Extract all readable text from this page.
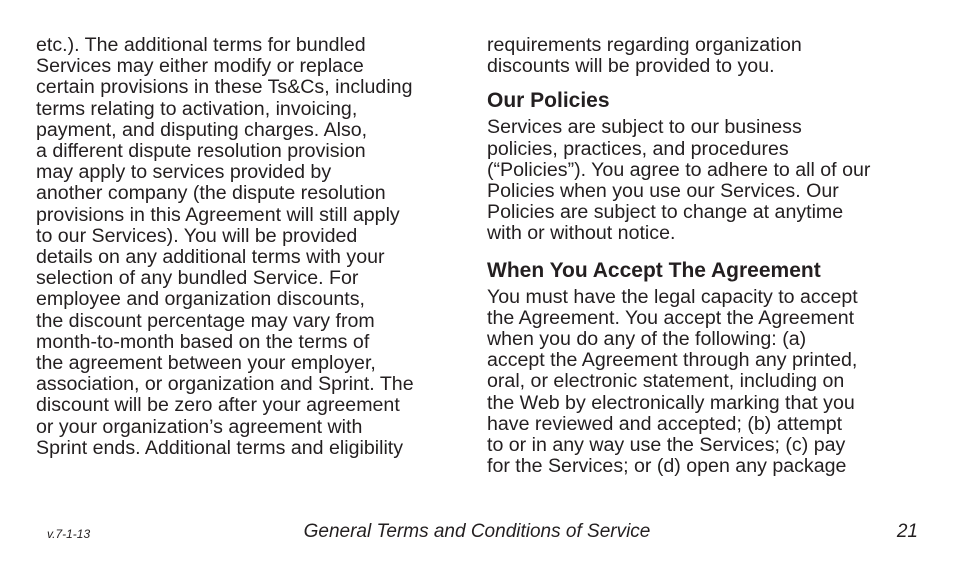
etc.). The additional terms for bundled
Services may either modify or replace
certain provisions in these Ts&Cs, including
terms relating to activation, invoicing,
payment, and disputing charges. Also,
a different dispute resolution provision
may apply to services provided by
another company (the dispute resolution
provisions in this Agreement will still apply
to our Services). You will be provided
details on any additional terms with your
selection of any bundled Service. For
employee and organization discounts,
the discount percentage may vary from
month-to-month based on the terms of
the agreement between your employer,
association, or organization and Sprint. The
discount will be zero after your agreement
or your organization’s agreement with
Sprint ends. Additional terms and eligibility
requirements regarding organization
discounts will be provided to you.
Our Policies
Services are subject to our business
policies, practices, and procedures
(“Policies”). You agree to adhere to all of our
Policies when you use our Services. Our
Policies are subject to change at anytime
with or without notice.
When You Accept The Agreement
You must have the legal capacity to accept
the Agreement. You accept the Agreement
when you do any of the following: (a)
accept the Agreement through any printed,
oral, or electronic statement, including on
the Web by electronically marking that you
have reviewed and accepted; (b) attempt
to or in any way use the Services; (c) pay
for the Services; or (d) open any package
v.7-1-13	General Terms and Conditions of Service	21
